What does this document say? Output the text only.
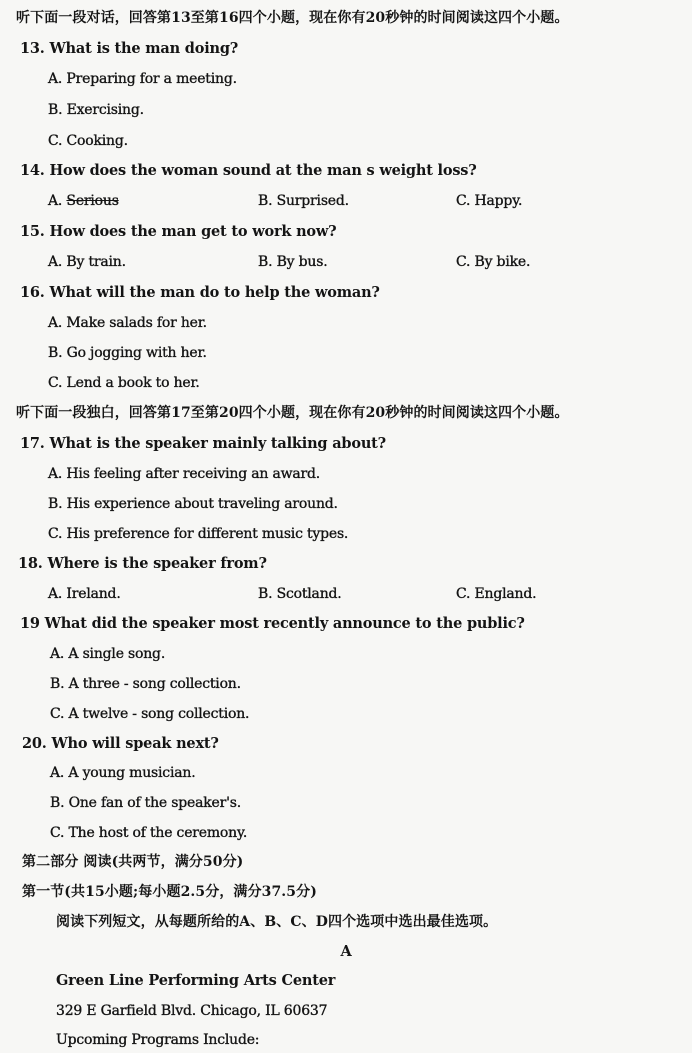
听下面一段对话，回答第13至第16四个小题，现在你有20秒钟的时间阅读这四个小题。
13. What is the man doing?
A. Preparing for a meeting.
B. Exercising.
C. Cooking.
14. How does the woman sound at the man s weight loss?
A. Serious	B. Surprised.	C. Happy.
15. How does the man get to work now?
A. By train.	B. By bus.	C. By bike.
16. What will the man do to help the woman?
A. Make salads for her.
B. Go jogging with her.
C. Lend a book to her.
听下面一段独白，回答第17至第20四个小题，现在你有20秒钟的时间阅读这四个小题。
17. What is the speaker mainly talking about?
A. His feeling after receiving an award.
B. His experience about traveling around.
C. His preference for different music types.
18. Where is the speaker from?
A. Ireland.	B. Scotland.	C. England.
19 What did the speaker most recently announce to the public?
A. A single song.
B. A three - song collection.
C. A twelve - song collection.
20. Who will speak next?
A. A young musician.
B. One fan of the speaker's.
C. The host of the ceremony.
第二部分 阅读(共两节，满分50分)
第一节(共15小题;每小题2.5分，满分37.5分)
阅读下列短文，从每题所给的A、B、C、D四个选项中选出最佳选项。
A
Green Line Performing Arts Center
329 E Garfield Blvd. Chicago, IL 60637
Upcoming Programs Include:
